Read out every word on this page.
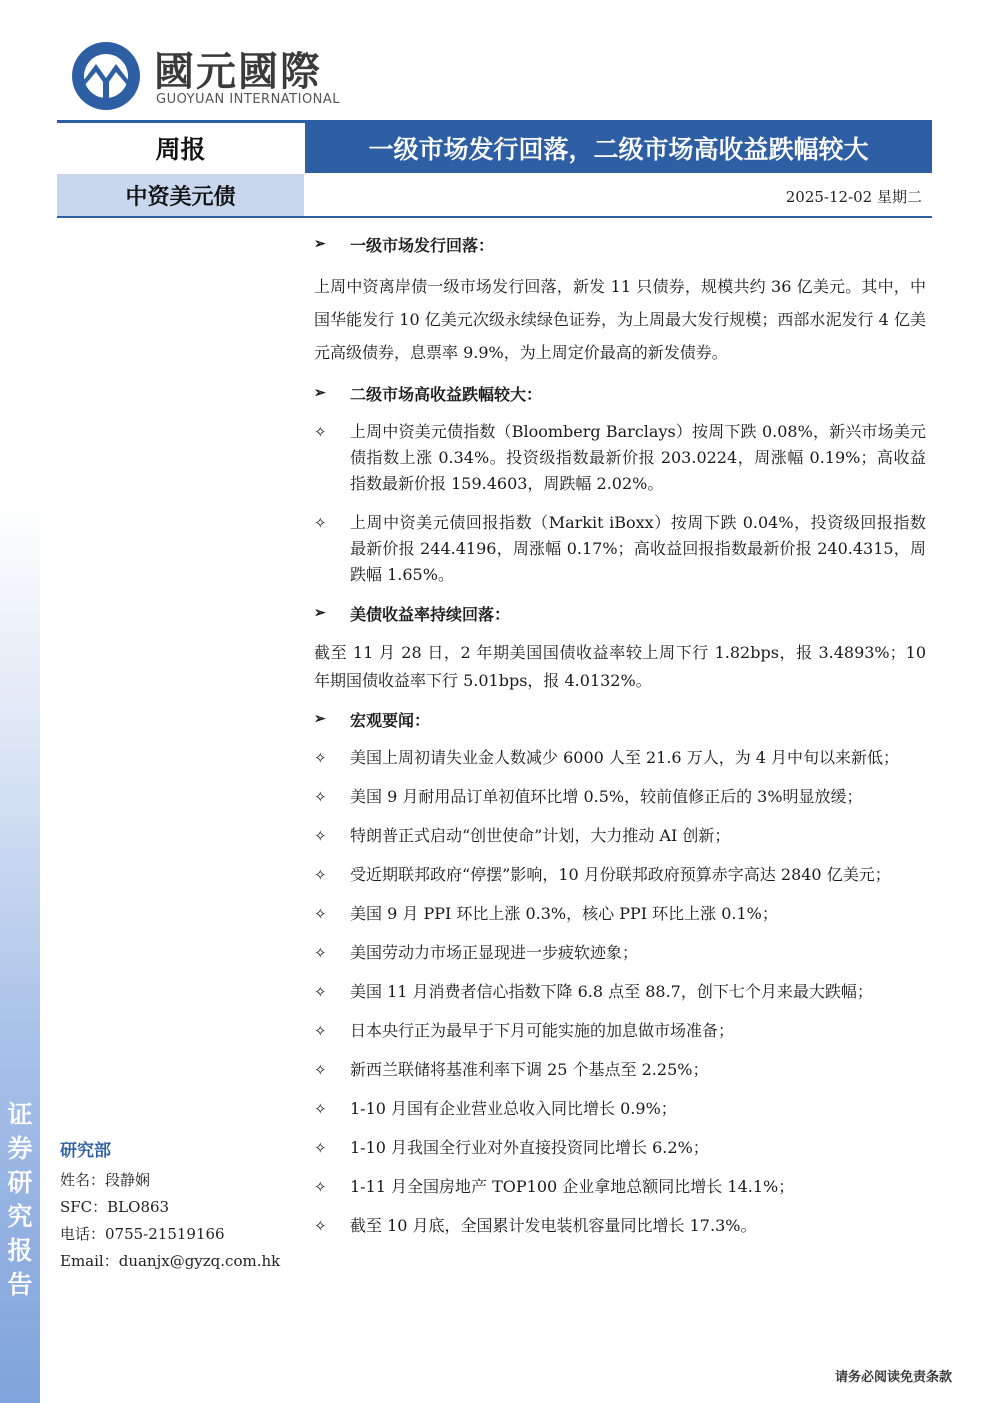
证券研究报告
國元國際
GUOYUAN INTERNATIONAL
周报	一级市场发行回落，二级市场高收益跌幅较大
中资美元债	2025-12-02 星期二
➢	一级市场发行回落：

上周中资离岸债一级市场发行回落，新发 11 只债券，规模共约 36 亿美元。其中，中国华能发行 10 亿美元次级永续绿色证券，为上周最大发行规模；西部水泥发行 4 亿美元高级债券，息票率 9.9%，为上周定价最高的新发债券。

➢	二级市场高收益跌幅较大：
✧	上周中资美元债指数（Bloomberg Barclays）按周下跌 0.08%，新兴市场美元债指数上涨 0.34%。投资级指数最新价报 203.0224，周涨幅 0.19%；高收益指数最新价报 159.4603，周跌幅 2.02%。
✧	上周中资美元债回报指数（Markit iBoxx）按周下跌 0.04%，投资级回报指数最新价报 244.4196，周涨幅 0.17%；高收益回报指数最新价报 240.4315，周跌幅 1.65%。
➢	美债收益率持续回落：

截至 11 月 28 日，2 年期美国国债收益率较上周下行 1.82bps，报 3.4893%；10 年期国债收益率下行 5.01bps，报 4.0132%。

➢	宏观要闻：
✧	美国上周初请失业金人数减少 6000 人至 21.6 万人，为 4 月中旬以来新低；
✧	美国 9 月耐用品订单初值环比增 0.5%，较前值修正后的 3%明显放缓；
✧	特朗普正式启动“创世使命”计划，大力推动 AI 创新；
✧	受近期联邦政府“停摆”影响，10 月份联邦政府预算赤字高达 2840 亿美元；
✧	美国 9 月 PPI 环比上涨 0.3%，核心 PPI 环比上涨 0.1%；
✧	美国劳动力市场正显现进一步疲软迹象；
✧	美国 11 月消费者信心指数下降 6.8 点至 88.7，创下七个月来最大跌幅；
✧	日本央行正为最早于下月可能实施的加息做市场准备；
✧	新西兰联储将基准利率下调 25 个基点至 2.25%；
✧	1-10 月国有企业营业总收入同比增长 0.9%；
✧	1-10 月我国全行业对外直接投资同比增长 6.2%；
✧	1-11 月全国房地产 TOP100 企业拿地总额同比增长 14.1%；
✧	截至 10 月底，全国累计发电装机容量同比增长 17.3%。
研究部
姓名：段静娴
SFC：BLO863
电话：0755-21519166
Email：duanjx@gyzq.com.hk
请务必阅读免责条款
